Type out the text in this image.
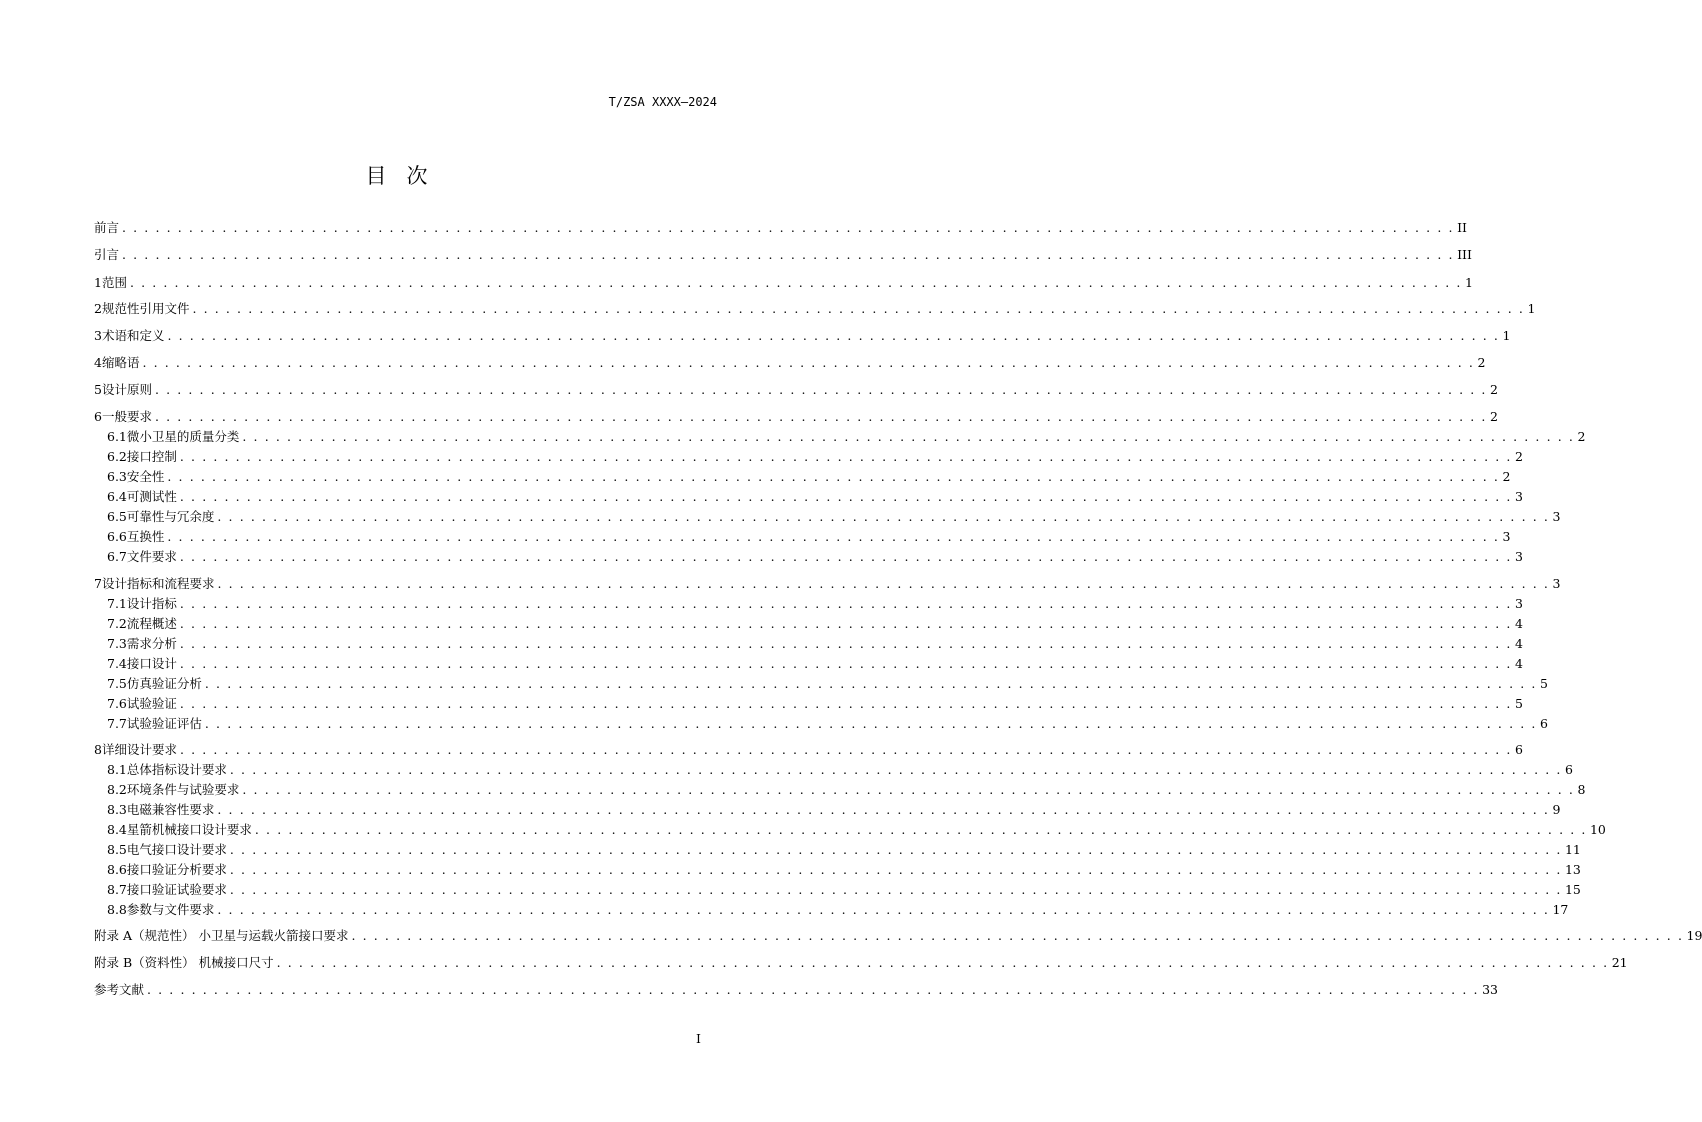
T/ZSA XXXX—2024
目   次
前言 . . . . . . . . . . . . . . . . . . . . . . . . . . . . . . . . . . . . . . . . . . . . . . . . . . . . . . . . . . . . . . . . . . . . . . . . . . . . . . . . . . . . . . . . . . . . . . . . . . . . . . . . . . . . . . . . . . . . . . . . II
引言 . . . . . . . . . . . . . . . . . . . . . . . . . . . . . . . . . . . . . . . . . . . . . . . . . . . . . . . . . . . . . . . . . . . . . . . . . . . . . . . . . . . . . . . . . . . . . . . . . . . . . . . . . . . . . . . . . . . . . . . . III
1 范围 . . . . . . . . . . . . . . . . . . . . . . . . . . . . . . . . . . . . . . . . . . . . . . . . . . . . . . . . . . . . . . . . . . . . . . . . . . . . . . . . . . . . . . . . . . . . . . . . . . . . . . . . . . . . . . . . . . . . . . . . 1
2 规范性引用文件 . . . . . . . . . . . . . . . . . . . . . . . . . . . . . . . . . . . . . . . . . . . . . . . . . . . . . . . . . . . . . . . . . . . . . . . . . . . . . . . . . . . . . . . . . . . . . . . . . . . . . . . . . . . . . . . . . . . . . . . . 1
3 术语和定义 . . . . . . . . . . . . . . . . . . . . . . . . . . . . . . . . . . . . . . . . . . . . . . . . . . . . . . . . . . . . . . . . . . . . . . . . . . . . . . . . . . . . . . . . . . . . . . . . . . . . . . . . . . . . . . . . . . . . . . . . 1
4 缩略语 . . . . . . . . . . . . . . . . . . . . . . . . . . . . . . . . . . . . . . . . . . . . . . . . . . . . . . . . . . . . . . . . . . . . . . . . . . . . . . . . . . . . . . . . . . . . . . . . . . . . . . . . . . . . . . . . . . . . . . . . 2
5 设计原则 . . . . . . . . . . . . . . . . . . . . . . . . . . . . . . . . . . . . . . . . . . . . . . . . . . . . . . . . . . . . . . . . . . . . . . . . . . . . . . . . . . . . . . . . . . . . . . . . . . . . . . . . . . . . . . . . . . . . . . . . 2
6 一般要求 . . . . . . . . . . . . . . . . . . . . . . . . . . . . . . . . . . . . . . . . . . . . . . . . . . . . . . . . . . . . . . . . . . . . . . . . . . . . . . . . . . . . . . . . . . . . . . . . . . . . . . . . . . . . . . . . . . . . . . . . 2
6.1 微小卫星的质量分类 . . . . . . . . . . . . . . . . . . . . . . . . . . . . . . . . . . . . . . . . . . . . . . . . . . . . . . . . . . . . . . . . . . . . . . . . . . . . . . . . . . . . . . . . . . . . . . . . . . . . . . . . . . . . . . . . . . . . . . . . 2
6.2 接口控制 . . . . . . . . . . . . . . . . . . . . . . . . . . . . . . . . . . . . . . . . . . . . . . . . . . . . . . . . . . . . . . . . . . . . . . . . . . . . . . . . . . . . . . . . . . . . . . . . . . . . . . . . . . . . . . . . . . . . . . . . 2
6.3 安全性 . . . . . . . . . . . . . . . . . . . . . . . . . . . . . . . . . . . . . . . . . . . . . . . . . . . . . . . . . . . . . . . . . . . . . . . . . . . . . . . . . . . . . . . . . . . . . . . . . . . . . . . . . . . . . . . . . . . . . . . . 2
6.4 可测试性 . . . . . . . . . . . . . . . . . . . . . . . . . . . . . . . . . . . . . . . . . . . . . . . . . . . . . . . . . . . . . . . . . . . . . . . . . . . . . . . . . . . . . . . . . . . . . . . . . . . . . . . . . . . . . . . . . . . . . . . . 3
6.5 可靠性与冗余度 . . . . . . . . . . . . . . . . . . . . . . . . . . . . . . . . . . . . . . . . . . . . . . . . . . . . . . . . . . . . . . . . . . . . . . . . . . . . . . . . . . . . . . . . . . . . . . . . . . . . . . . . . . . . . . . . . . . . . . . . 3
6.6 互换性 . . . . . . . . . . . . . . . . . . . . . . . . . . . . . . . . . . . . . . . . . . . . . . . . . . . . . . . . . . . . . . . . . . . . . . . . . . . . . . . . . . . . . . . . . . . . . . . . . . . . . . . . . . . . . . . . . . . . . . . . 3
6.7 文件要求 . . . . . . . . . . . . . . . . . . . . . . . . . . . . . . . . . . . . . . . . . . . . . . . . . . . . . . . . . . . . . . . . . . . . . . . . . . . . . . . . . . . . . . . . . . . . . . . . . . . . . . . . . . . . . . . . . . . . . . . . 3
7 设计指标和流程要求 . . . . . . . . . . . . . . . . . . . . . . . . . . . . . . . . . . . . . . . . . . . . . . . . . . . . . . . . . . . . . . . . . . . . . . . . . . . . . . . . . . . . . . . . . . . . . . . . . . . . . . . . . . . . . . . . . . . . . . . . 3
7.1 设计指标 . . . . . . . . . . . . . . . . . . . . . . . . . . . . . . . . . . . . . . . . . . . . . . . . . . . . . . . . . . . . . . . . . . . . . . . . . . . . . . . . . . . . . . . . . . . . . . . . . . . . . . . . . . . . . . . . . . . . . . . . 3
7.2 流程概述 . . . . . . . . . . . . . . . . . . . . . . . . . . . . . . . . . . . . . . . . . . . . . . . . . . . . . . . . . . . . . . . . . . . . . . . . . . . . . . . . . . . . . . . . . . . . . . . . . . . . . . . . . . . . . . . . . . . . . . . . 4
7.3 需求分析 . . . . . . . . . . . . . . . . . . . . . . . . . . . . . . . . . . . . . . . . . . . . . . . . . . . . . . . . . . . . . . . . . . . . . . . . . . . . . . . . . . . . . . . . . . . . . . . . . . . . . . . . . . . . . . . . . . . . . . . . 4
7.4 接口设计 . . . . . . . . . . . . . . . . . . . . . . . . . . . . . . . . . . . . . . . . . . . . . . . . . . . . . . . . . . . . . . . . . . . . . . . . . . . . . . . . . . . . . . . . . . . . . . . . . . . . . . . . . . . . . . . . . . . . . . . . 4
7.5 仿真验证分析 . . . . . . . . . . . . . . . . . . . . . . . . . . . . . . . . . . . . . . . . . . . . . . . . . . . . . . . . . . . . . . . . . . . . . . . . . . . . . . . . . . . . . . . . . . . . . . . . . . . . . . . . . . . . . . . . . . . . . . . . 5
7.6 试验验证 . . . . . . . . . . . . . . . . . . . . . . . . . . . . . . . . . . . . . . . . . . . . . . . . . . . . . . . . . . . . . . . . . . . . . . . . . . . . . . . . . . . . . . . . . . . . . . . . . . . . . . . . . . . . . . . . . . . . . . . . 5
7.7 试验验证评估 . . . . . . . . . . . . . . . . . . . . . . . . . . . . . . . . . . . . . . . . . . . . . . . . . . . . . . . . . . . . . . . . . . . . . . . . . . . . . . . . . . . . . . . . . . . . . . . . . . . . . . . . . . . . . . . . . . . . . . . . 6
8 详细设计要求 . . . . . . . . . . . . . . . . . . . . . . . . . . . . . . . . . . . . . . . . . . . . . . . . . . . . . . . . . . . . . . . . . . . . . . . . . . . . . . . . . . . . . . . . . . . . . . . . . . . . . . . . . . . . . . . . . . . . . . . . 6
8.1 总体指标设计要求 . . . . . . . . . . . . . . . . . . . . . . . . . . . . . . . . . . . . . . . . . . . . . . . . . . . . . . . . . . . . . . . . . . . . . . . . . . . . . . . . . . . . . . . . . . . . . . . . . . . . . . . . . . . . . . . . . . . . . . . . 6
8.2 环境条件与试验要求 . . . . . . . . . . . . . . . . . . . . . . . . . . . . . . . . . . . . . . . . . . . . . . . . . . . . . . . . . . . . . . . . . . . . . . . . . . . . . . . . . . . . . . . . . . . . . . . . . . . . . . . . . . . . . . . . . . . . . . . . 8
8.3 电磁兼容性要求 . . . . . . . . . . . . . . . . . . . . . . . . . . . . . . . . . . . . . . . . . . . . . . . . . . . . . . . . . . . . . . . . . . . . . . . . . . . . . . . . . . . . . . . . . . . . . . . . . . . . . . . . . . . . . . . . . . . . . . . . 9
8.4 星箭机械接口设计要求 . . . . . . . . . . . . . . . . . . . . . . . . . . . . . . . . . . . . . . . . . . . . . . . . . . . . . . . . . . . . . . . . . . . . . . . . . . . . . . . . . . . . . . . . . . . . . . . . . . . . . . . . . . . . . . . . . . . . . . . . 10
8.5 电气接口设计要求 . . . . . . . . . . . . . . . . . . . . . . . . . . . . . . . . . . . . . . . . . . . . . . . . . . . . . . . . . . . . . . . . . . . . . . . . . . . . . . . . . . . . . . . . . . . . . . . . . . . . . . . . . . . . . . . . . . . . . . . . 11
8.6 接口验证分析要求 . . . . . . . . . . . . . . . . . . . . . . . . . . . . . . . . . . . . . . . . . . . . . . . . . . . . . . . . . . . . . . . . . . . . . . . . . . . . . . . . . . . . . . . . . . . . . . . . . . . . . . . . . . . . . . . . . . . . . . . . 13
8.7 接口验证试验要求 . . . . . . . . . . . . . . . . . . . . . . . . . . . . . . . . . . . . . . . . . . . . . . . . . . . . . . . . . . . . . . . . . . . . . . . . . . . . . . . . . . . . . . . . . . . . . . . . . . . . . . . . . . . . . . . . . . . . . . . . 15
8.8 参数与文件要求 . . . . . . . . . . . . . . . . . . . . . . . . . . . . . . . . . . . . . . . . . . . . . . . . . . . . . . . . . . . . . . . . . . . . . . . . . . . . . . . . . . . . . . . . . . . . . . . . . . . . . . . . . . . . . . . . . . . . . . . . 17
附录 A（规范性） 小卫星与运载火箭接口要求 . . . . . . . . . . . . . . . . . . . . . . . . . . . . . . . . . . . . . . . . . . . . . . . . . . . . . . . . . . . . . . . . . . . . . . . . . . . . . . . . . . . . . . . . . . . . . . . . . . . . . . . . . . . . . . . . . . . . . . . . 19
附录 B（资料性） 机械接口尺寸 . . . . . . . . . . . . . . . . . . . . . . . . . . . . . . . . . . . . . . . . . . . . . . . . . . . . . . . . . . . . . . . . . . . . . . . . . . . . . . . . . . . . . . . . . . . . . . . . . . . . . . . . . . . . . . . . . . . . . . . . 21
参考文献 . . . . . . . . . . . . . . . . . . . . . . . . . . . . . . . . . . . . . . . . . . . . . . . . . . . . . . . . . . . . . . . . . . . . . . . . . . . . . . . . . . . . . . . . . . . . . . . . . . . . . . . . . . . . . . . . . . . . . . . . 33
I
